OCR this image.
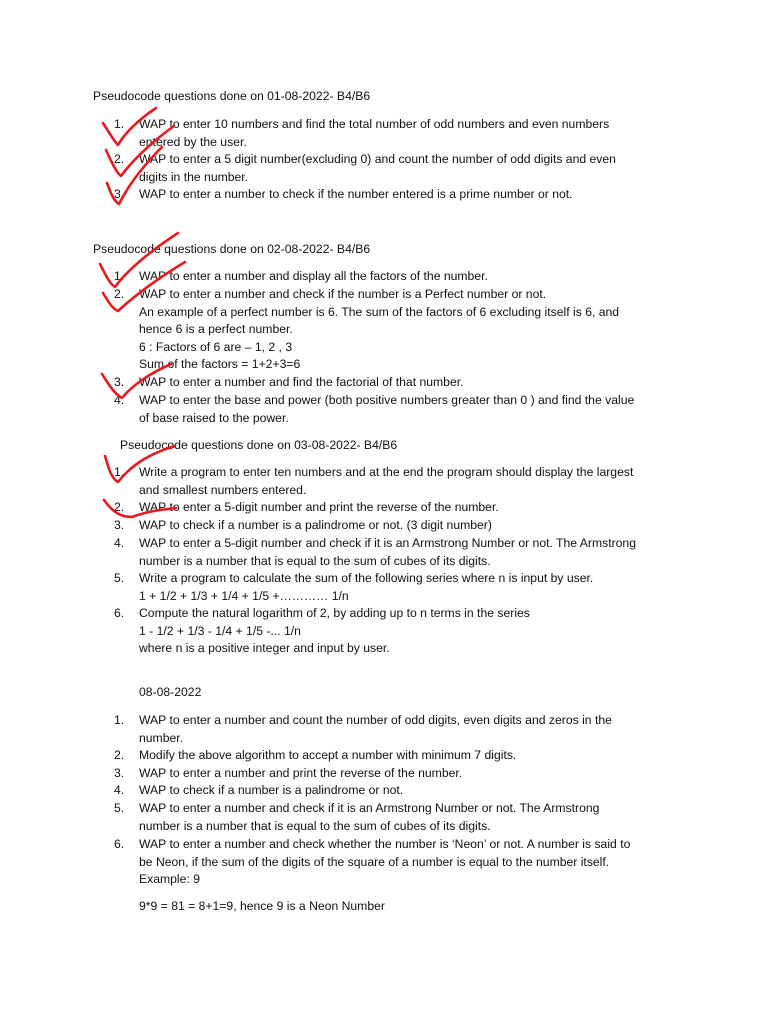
Pseudocode questions done on 01-08-2022- B4/B6
1.	WAP to enter 10 numbers and find the total number of odd numbers and even numbers
entered by the user.
2.	WAP to enter a 5 digit number(excluding 0) and count the number of odd digits and even
digits in the number.
3.	WAP to enter a number to check if the number entered is a prime number or not.
Pseudocode questions done on 02-08-2022- B4/B6
1.	WAP to enter a number and display all the factors of the number.
2.	WAP to enter a number and check if the number is a Perfect number or not.
An example of a perfect number is 6. The sum of the factors of 6 excluding itself is 6, and
hence 6 is a perfect number.
6 : Factors of 6 are – 1, 2 , 3
Sum of the factors = 1+2+3=6
3.	WAP to enter a number and find the factorial of that number.
4.	WAP to enter the base and power (both positive numbers greater than 0 ) and find the value
of base raised to the power.
Pseudocode questions done on 03-08-2022- B4/B6
1.	Write a program to enter ten numbers and at the end the program should display the largest
and smallest numbers entered.
2.	WAP to enter a 5-digit number and print the reverse of the number.
3.	WAP to check if a number is a palindrome or not. (3 digit number)
4.	WAP to enter a 5-digit number and check if it is an Armstrong Number or not. The Armstrong
number is a number that is equal to the sum of cubes of its digits.
5.	Write a program to calculate the sum of the following series where n is input by user.
1 + 1/2 + 1/3 + 1/4 + 1/5 +………… 1/n
6.	Compute the natural logarithm of 2, by adding up to n terms in the series
1 - 1/2 + 1/3 - 1/4 + 1/5 -... 1/n
where n is a positive integer and input by user.
08-08-2022
1.	WAP to enter a number and count the number of odd digits, even digits and zeros in the
number.
2.	Modify the above algorithm to accept a number with minimum 7 digits.
3.	WAP to enter a number and print the reverse of the number.
4.	WAP to check if a number is a palindrome or not.
5.	WAP to enter a number and check if it is an Armstrong Number or not. The Armstrong
number is a number that is equal to the sum of cubes of its digits.
6.	WAP to enter a number and check whether the number is ‘Neon’ or not. A number is said to
be Neon, if the sum of the digits of the square of a number is equal to the number itself.
Example: 9
9*9 = 81 = 8+1=9, hence 9 is a Neon Number
